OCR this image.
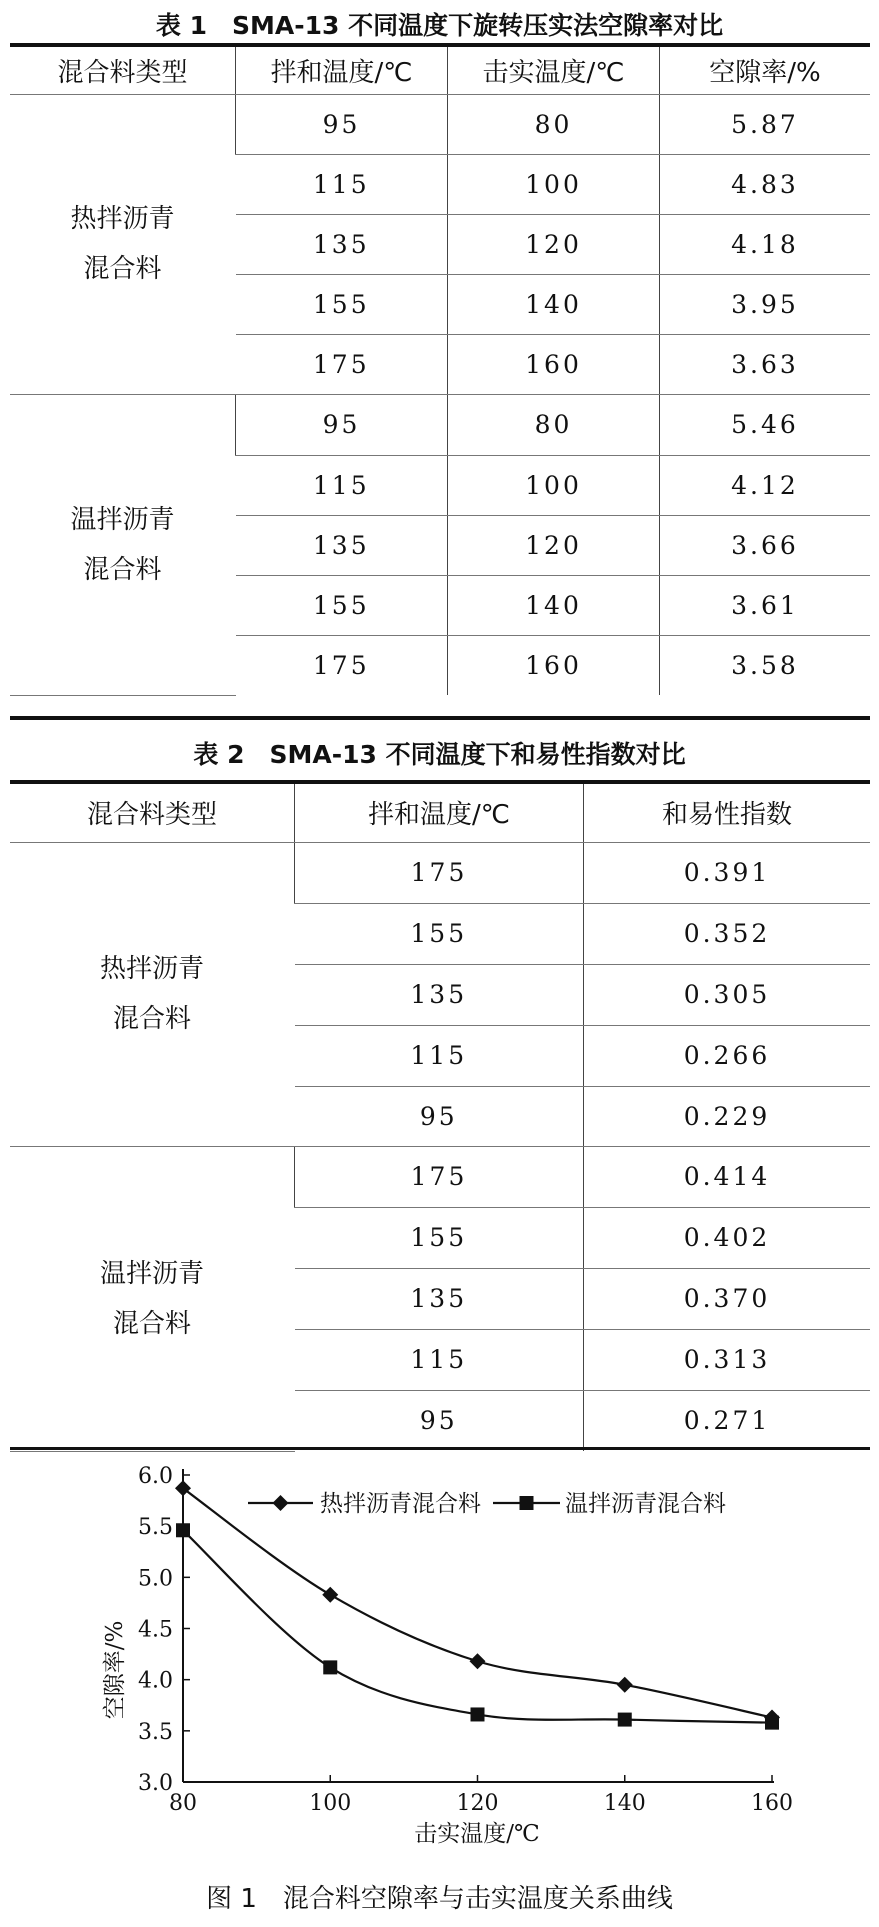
表 1　SMA-13 不同温度下旋转压实法空隙率对比
混合料类型	拌和温度/℃	击实温度/℃	空隙率/%
热拌沥青
混合料	95	80	5.87
	115	100	4.83
	135	120	4.18
	155	140	3.95
	175	160	3.63
温拌沥青
混合料	95	80	5.46
	115	100	4.12
	135	120	3.66
	155	140	3.61
	175	160	3.58
表 2　SMA-13 不同温度下和易性指数对比
混合料类型	拌和温度/℃	和易性指数
热拌沥青
混合料	175	0.391
	155	0.352
	135	0.305
	115	0.266
	95	0.229
温拌沥青
混合料	175	0.414
	155	0.402
	135	0.370
	115	0.313
	95	0.271
3.0
3.5
4.0
4.5
5.0
5.5
6.0
80	100	120	140	160
热拌沥青混合料	温拌沥青混合料
空隙率/%
击实温度/℃
图 1　混合料空隙率与击实温度关系曲线
